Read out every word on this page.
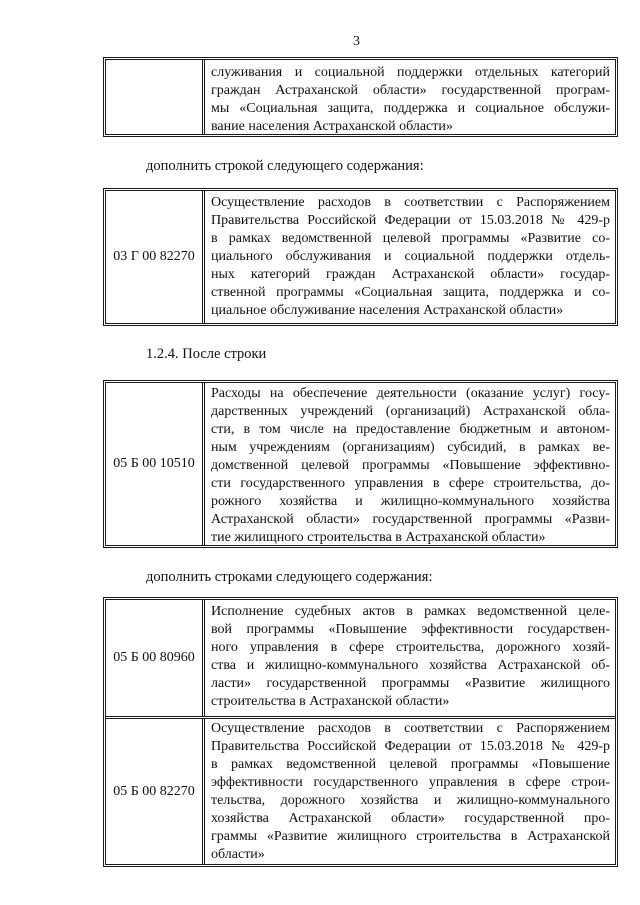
3
служивания и социальной поддержки отдельных категорий
граждан Астраханской области» государственной програм-
мы «Социальная защита, поддержка и социальное обслужи-
вание населения Астраханской области»
дополнить строкой следующего содержания:
03 Г 00 82270
Осуществление расходов в соответствии с Распоряжением
Правительства Российской Федерации от 15.03.2018 № 429-р
в рамках ведомственной целевой программы «Развитие со-
циального обслуживания и социальной поддержки отдель-
ных категорий граждан Астраханской области» государ-
ственной программы «Социальная защита, поддержка и со-
циальное обслуживание населения Астраханской области»
1.2.4. После строки
05 Б 00 10510
Расходы на обеспечение деятельности (оказание услуг) госу-
дарственных учреждений (организаций) Астраханской обла-
сти, в том числе на предоставление бюджетным и автоном-
ным учреждениям (организациям) субсидий, в рамках ве-
домственной целевой программы «Повышение эффективно-
сти государственного управления в сфере строительства, до-
рожного хозяйства и жилищно-коммунального хозяйства
Астраханской области» государственной программы «Разви-
тие жилищного строительства в Астраханской области»
дополнить строками следующего содержания:
05 Б 00 80960
Исполнение судебных актов в рамках ведомственной целе-
вой программы «Повышение эффективности государствен-
ного управления в сфере строительства, дорожного хозяй-
ства и жилищно-коммунального хозяйства Астраханской об-
ласти» государственной программы «Развитие жилищного
строительства в Астраханской области»
05 Б 00 82270
Осуществление расходов в соответствии с Распоряжением
Правительства Российской Федерации от 15.03.2018 № 429-р
в рамках ведомственной целевой программы «Повышение
эффективности государственного управления в сфере строи-
тельства, дорожного хозяйства и жилищно-коммунального
хозяйства Астраханской области» государственной про-
граммы «Развитие жилищного строительства в Астраханской
области»
